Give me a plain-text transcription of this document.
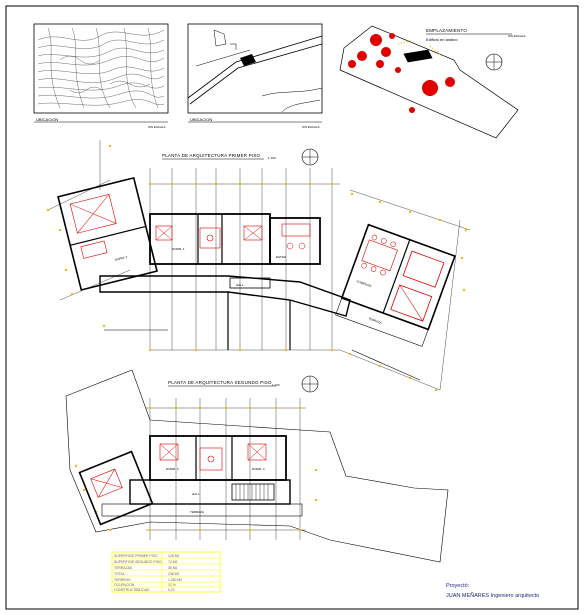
UBICACION
SIN ESCALA
UBICACION
SIN ESCALA
EMPLAZAMIENTO
Edificio en andino
SIN ESCALA
PLANTA DE ARQUITECTURA PRIMER PISO	1:100
DORM. 2
DORM. 1
ESTAR
HALL	COMEDOR
TERRAZA
PLANTA DE ARQUITECTURA SEGUNDO PISO 1:100
DORM. 3	DORM. 4
HALL
TERRAZA
SUPERFICIE PRIMER PISO	128 M2
SUPERFICIE SEGUNDO PISO 74 M2
TERRAZAS	36 M2
TOTAL	238 M2
TERRENO	1.050 M2
OCUPACION	12 %
CONSTRUCTIBILIDAD	0,22
Proyectó:
JUAN MEÑARES Ingeniero arquitecto
